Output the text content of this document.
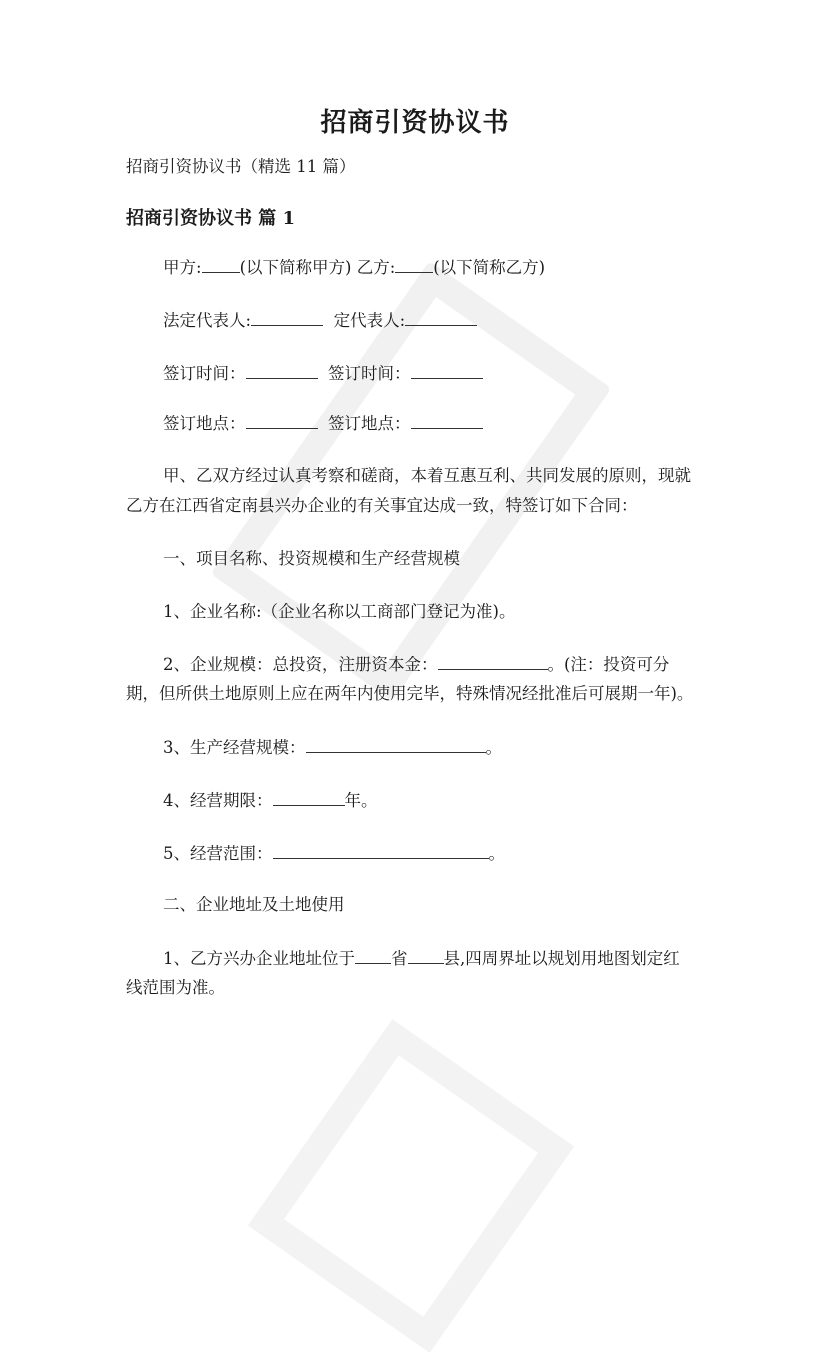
招商引资协议书
招商引资协议书（精选 11 篇）
招商引资协议书 篇 1
甲方: (以下简称甲方) 乙方: (以下简称乙方)
法定代表人:	定代表人:
签订时间：	签订时间：
签订地点：	签订地点：
甲、乙双方经过认真考察和磋商，本着互惠互利、共同发展的原则，现就
乙方在江西省定南县兴办企业的有关事宜达成一致，特签订如下合同：
一、项目名称、投资规模和生产经营规模
1、企业名称:（企业名称以工商部门登记为准)。
2、企业规模：总投资，注册资本金：	。(注：投资可分
期，但所供土地原则上应在两年内使用完毕，特殊情况经批准后可展期一年)。
3、生产经营规模：	。
4、经营期限：	年。
5、经营范围：	。
二、企业地址及土地使用
1、乙方兴办企业地址位于 省 县,四周界址以规划用地图划定红
线范围为准。
